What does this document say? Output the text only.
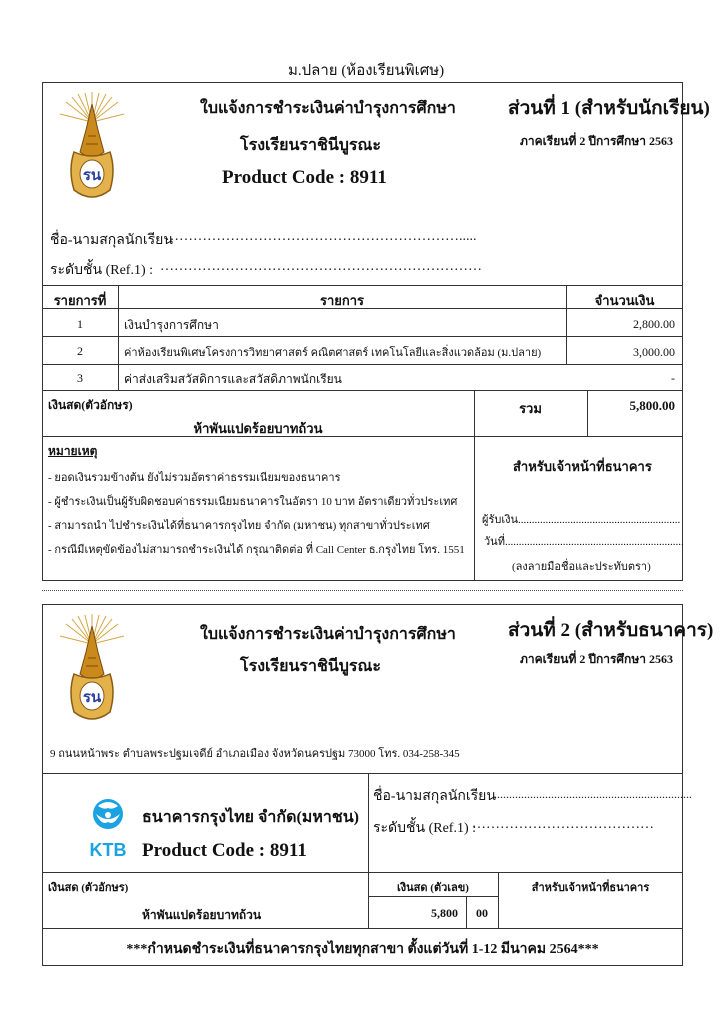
ม.ปลาย (ห้องเรียนพิเศษ)
รน
ใบแจ้งการชำระเงินค่าบำรุงการศึกษา
โรงเรียนราชินีบูรณะ
Product Code : 8911
ส่วนที่ 1 (สำหรับนักเรียน)
ภาคเรียนที่ 2 ปีการศึกษา 2563
ชื่อ-นามสกุลนักเรียน
……………………………………………………….....
ระดับชั้น (Ref.1) : ……………………………………………………………
รายการที่	รายการ	จำนวนเงิน
1	เงินบำรุงการศึกษา	2,800.00
2	ค่าห้องเรียนพิเศษโครงการวิทยาศาสตร์ คณิตศาสตร์ เทคโนโลยีและสิ่งแวดล้อม (ม.ปลาย)	3,000.00
3	ค่าส่งเสริมสวัสดิการและสวัสดิภาพนักเรียน	-
เงินสด(ตัวอักษร)
ห้าพันแปดร้อยบาทถ้วน
รวม	5,800.00
หมายเหตุ
- ยอดเงินรวมข้างต้น ยังไม่รวมอัตราค่าธรรมเนียมของธนาคาร
- ผู้ชำระเงินเป็นผู้รับผิดชอบค่าธรรมเนียมธนาคารในอัตรา 10 บาท อัตราเดียวทั่วประเทศ
- สามารถนำ ไปชำระเงินได้ที่ธนาคารกรุงไทย จำกัด (มหาชน) ทุกสาขาทั่วประเทศ
- กรณีมีเหตุขัดข้องไม่สามารถชำระเงินได้ กรุณาติดต่อ ที่ Call Center ธ.กรุงไทย โทร. 1551
สำหรับเจ้าหน้าที่ธนาคาร
ผู้รับเงิน...........................................................
วันที่.................................................................
(ลงลายมือชื่อและประทับตรา)
รน
ใบแจ้งการชำระเงินค่าบำรุงการศึกษา
โรงเรียนราชินีบูรณะ
ส่วนที่ 2 (สำหรับธนาคาร)
ภาคเรียนที่ 2 ปีการศึกษา 2563
9 ถนนหน้าพระ ตำบลพระปฐมเจดีย์ อำเภอเมือง จังหวัดนครปฐม 73000 โทร. 034-258-345
KTB
ธนาคารกรุงไทย จำกัด(มหาชน)
Product Code : 8911
ชื่อ-นามสกุลนักเรียน
..................................................................
ระดับชั้น (Ref.1) :
…………………………………
เงินสด (ตัวอักษร)
ห้าพันแปดร้อยบาทถ้วน
เงินสด (ตัวเลข)
5,800	00
สำหรับเจ้าหน้าที่ธนาคาร
***กำหนดชำระเงินที่ธนาคารกรุงไทยทุกสาขา ตั้งแต่วันที่ 1-12 มีนาคม 2564***
